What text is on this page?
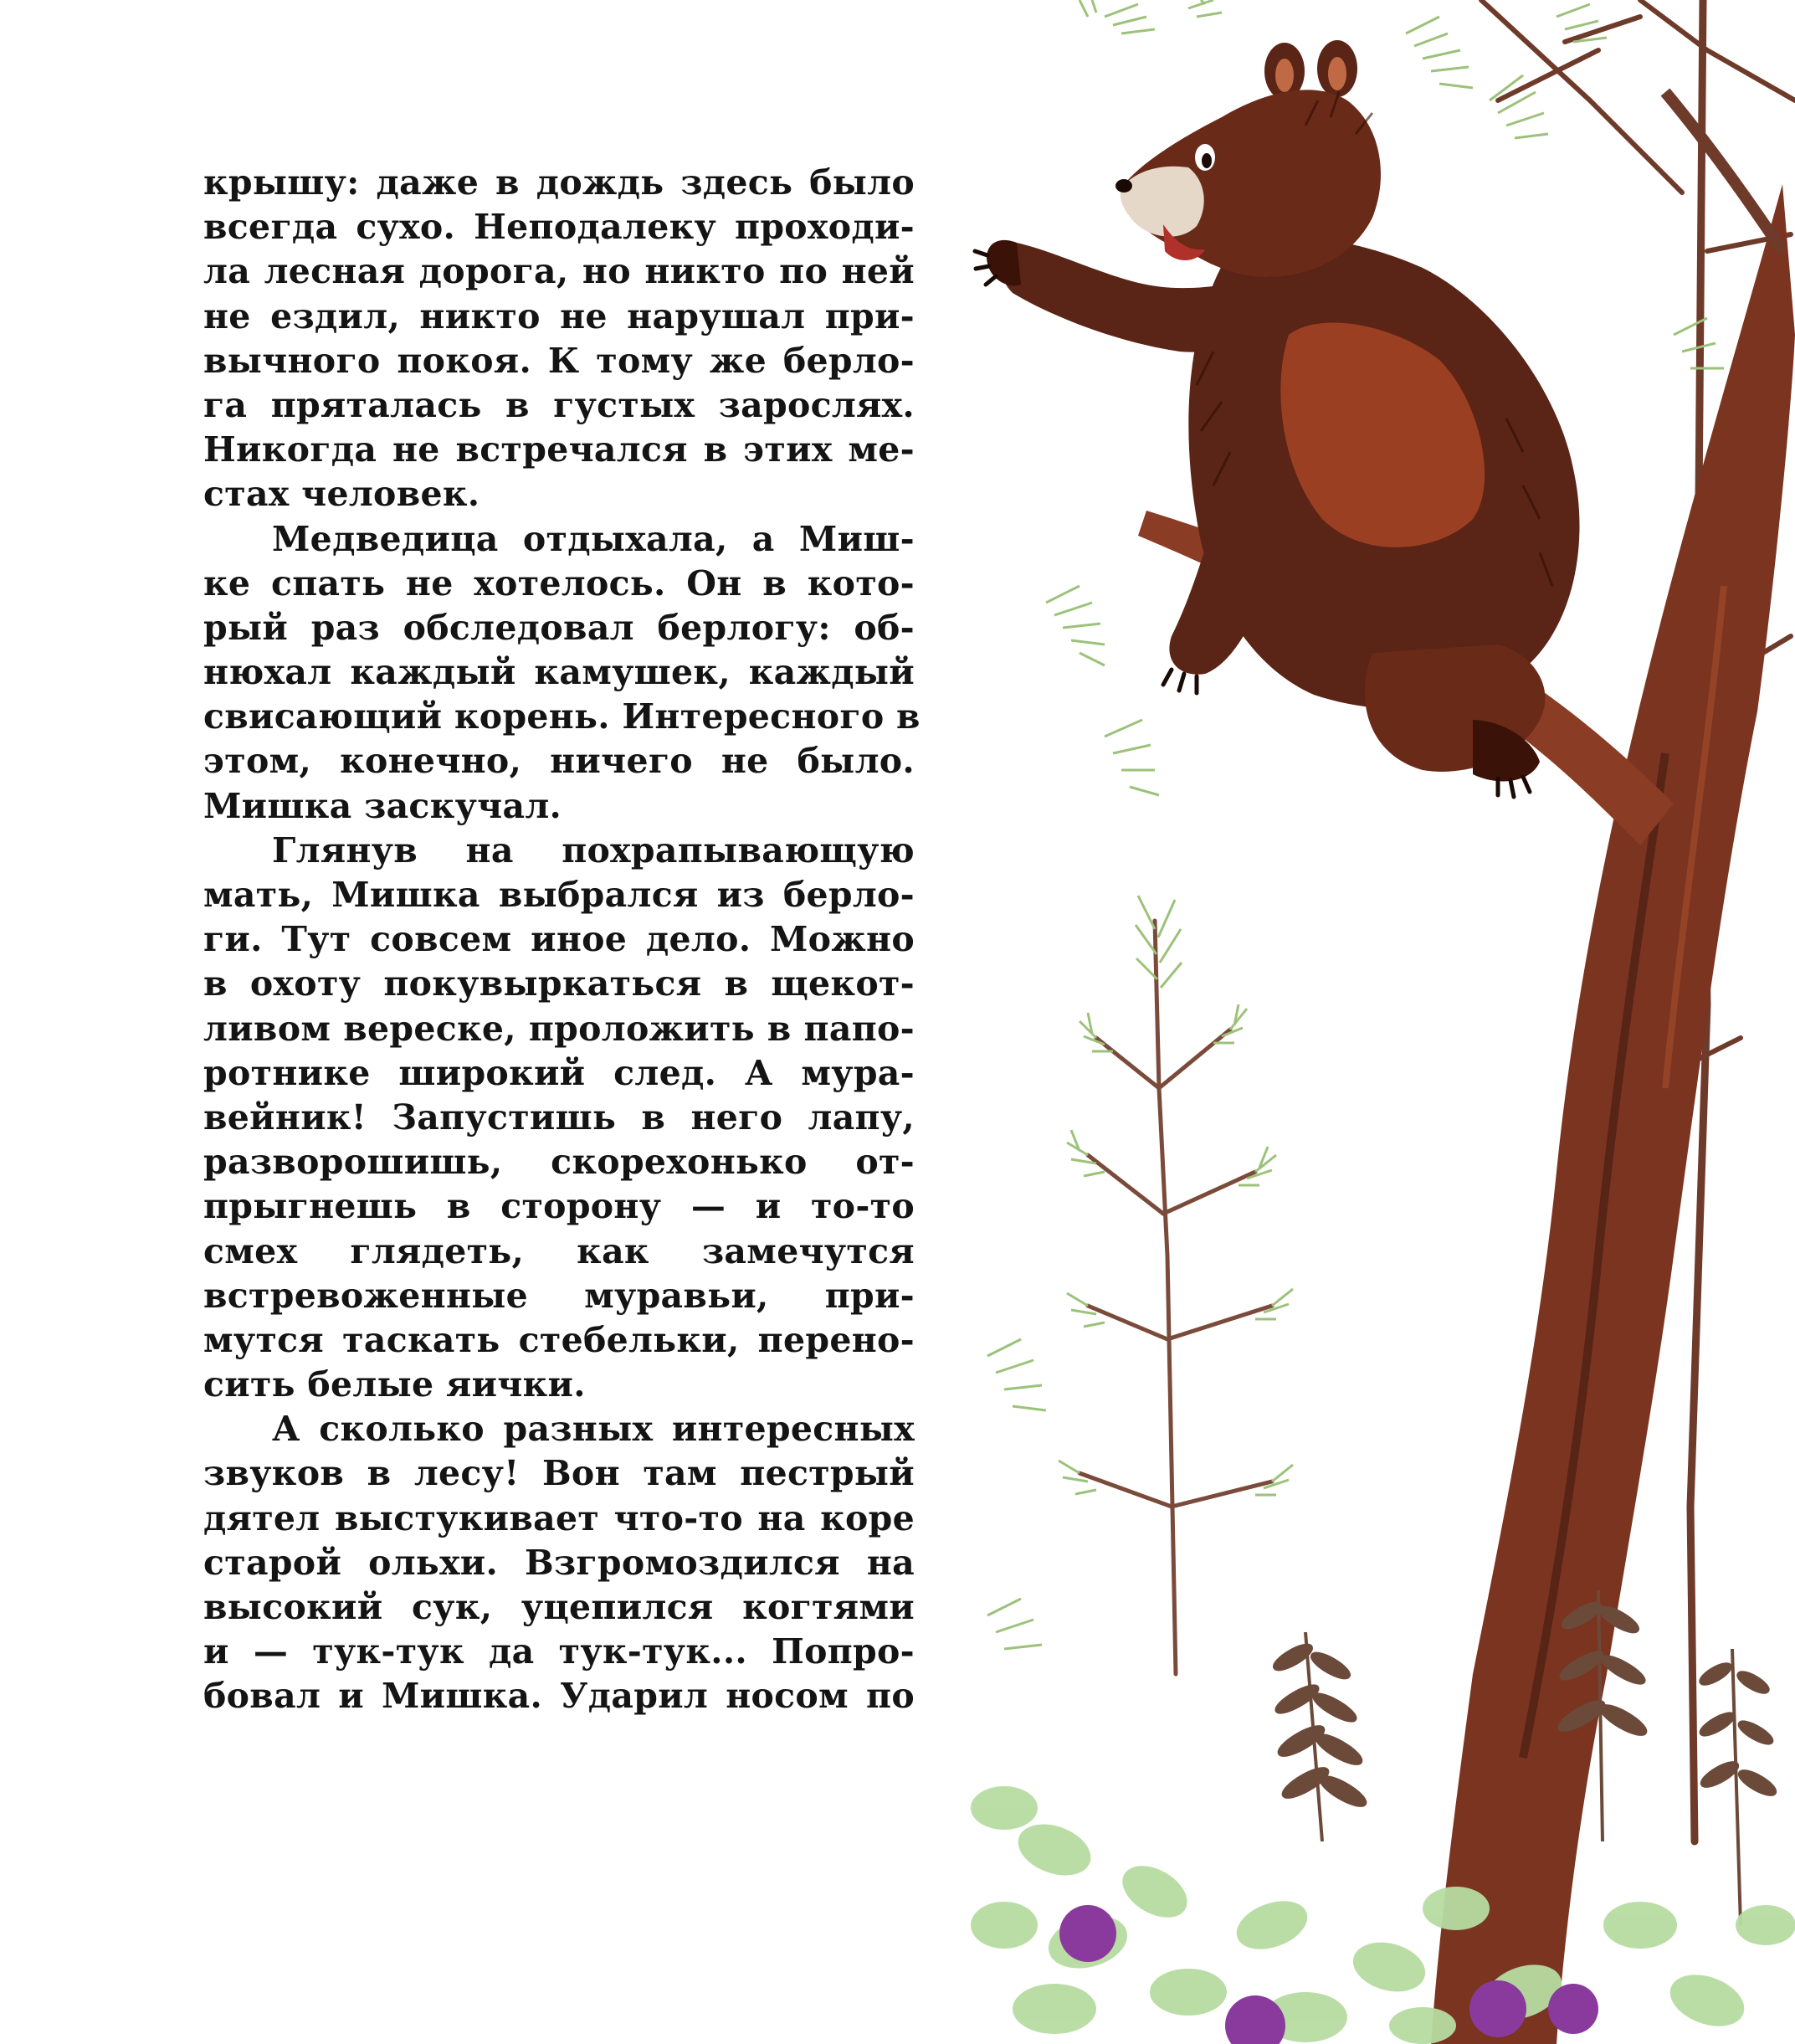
крышу: даже в дождь здесь было
всегда сухо. Неподалеку проходи-
ла лесная дорога, но никто по ней
не ездил, никто не нарушал при-
вычного покоя. К тому же берло-
га пряталась в густых зарослях.
Никогда не встречался в этих ме-
стах человек.
Медведица отдыхала, а Миш-
ке спать не хотелось. Он в кото-
рый раз обследовал берлогу: об-
нюхал каждый камушек, каждый
свисающий корень. Интересного в
этом, конечно, ничего не было.
Мишка заскучал.
Глянув на похрапывающую
мать, Мишка выбрался из берло-
ги. Тут совсем иное дело. Можно
в охоту покувыркаться в щекот-
ливом вереске, проложить в папо-
ротнике широкий след. А мура-
вейник! Запустишь в него лапу,
разворошишь, скорехонько от-
прыгнешь в сторону — и то-то
смех глядеть, как замечутся
встревоженные муравьи, при-
мутся таскать стебельки, перено-
сить белые яички.
А сколько разных интересных
звуков в лесу! Вон там пестрый
дятел выстукивает что-то на коре
старой ольхи. Взгромоздился на
высокий сук, уцепился когтями
и — тук-тук да тук-тук... Попро-
бовал и Мишка. Ударил носом по
